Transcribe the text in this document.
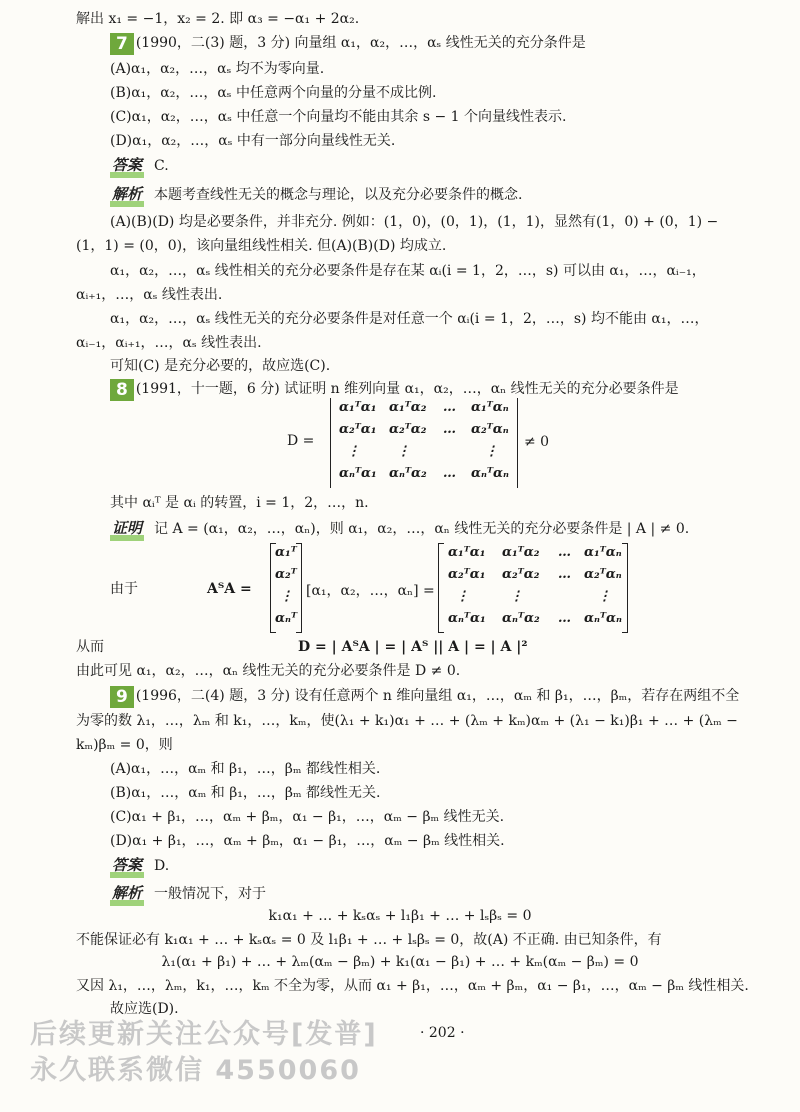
解出 x₁ = −1，x₂ = 2. 即 α₃ = −α₁ + 2α₂.
7 (1990，二(3) 题，3 分) 向量组 α₁，α₂，…，αₛ 线性无关的充分条件是
(A)α₁，α₂，…，αₛ 均不为零向量.
(B)α₁，α₂，…，αₛ 中任意两个向量的分量不成比例.
(C)α₁，α₂，…，αₛ 中任意一个向量均不能由其余 s − 1 个向量线性表示.
(D)α₁，α₂，…，αₛ 中有一部分向量线性无关.
答案 C.
解析 本题考查线性无关的概念与理论，以及充分必要条件的概念.
(A)(B)(D) 均是必要条件，并非充分. 例如：(1，0)，(0，1)，(1，1)，显然有(1，0) + (0，1) −
(1，1) = (0，0)，该向量组线性相关. 但(A)(B)(D) 均成立.
α₁，α₂，…，αₛ 线性相关的充分必要条件是存在某 αᵢ(i = 1，2，…，s) 可以由 α₁，…，αᵢ₋₁，
αᵢ₊₁，…，αₛ 线性表出.
α₁，α₂，…，αₛ 线性无关的充分必要条件是对任意一个 αᵢ(i = 1，2，…，s) 均不能由 α₁，…，
αᵢ₋₁，αᵢ₊₁，…，αₛ 线性表出.
可知(C) 是充分必要的，故应选(C).
8 (1991，十一题，6 分) 试证明 n 维列向量 α₁，α₂，…，αₙ 线性无关的充分必要条件是
D =
α₁ᵀα₁ α₁ᵀα₂ … α₁ᵀαₙ
α₂ᵀα₁ α₂ᵀα₂ … α₂ᵀαₙ
⋮	⋮	⋮
αₙᵀα₁ αₙᵀα₂ … αₙᵀαₙ
≠ 0
其中 αᵢᵀ 是 αᵢ 的转置，i = 1，2，…，n.
证明 记 A = (α₁，α₂，…，αₙ)，则 α₁，α₂，…，αₙ 线性无关的充分必要条件是 | A | ≠ 0.
由于	AᵀA =
α₁ᵀ
α₂ᵀ
⋮
αₙᵀ
[α₁，α₂，…，αₙ] =
α₁ᵀα₁ α₁ᵀα₂ … α₁ᵀαₙ
α₂ᵀα₁ α₂ᵀα₂ … α₂ᵀαₙ
⋮	⋮	⋮
αₙᵀα₁ αₙᵀα₂ … αₙᵀαₙ
从而	D = | AᵀA | = | Aᵀ || A | = | A |²
由此可见 α₁，α₂，…，αₙ 线性无关的充分必要条件是 D ≠ 0.
9 (1996，二(4) 题，3 分) 设有任意两个 n 维向量组 α₁，…，αₘ 和 β₁，…，βₘ，若存在两组不全
为零的数 λ₁，…，λₘ 和 k₁，…，kₘ，使(λ₁ + k₁)α₁ + … + (λₘ + kₘ)αₘ + (λ₁ − k₁)β₁ + … + (λₘ −
kₘ)βₘ = 0，则
(A)α₁，…，αₘ 和 β₁，…，βₘ 都线性相关.
(B)α₁，…，αₘ 和 β₁，…，βₘ 都线性无关.
(C)α₁ + β₁，…，αₘ + βₘ，α₁ − β₁，…，αₘ − βₘ 线性无关.
(D)α₁ + β₁，…，αₘ + βₘ，α₁ − β₁，…，αₘ − βₘ 线性相关.
答案 D.
解析 一般情况下，对于
k₁α₁ + … + kₛαₛ + l₁β₁ + … + lₛβₛ = 0
不能保证必有 k₁α₁ + … + kₛαₛ = 0 及 l₁β₁ + … + lₛβₛ = 0，故(A) 不正确. 由已知条件，有
λ₁(α₁ + β₁) + … + λₘ(αₘ − βₘ) + k₁(α₁ − β₁) + … + kₘ(αₘ − βₘ) = 0
又因 λ₁，…，λₘ，k₁，…，kₘ 不全为零，从而 α₁ + β₁，…，αₘ + βₘ，α₁ − β₁，…，αₘ − βₘ 线性相关.
故应选(D).
后续更新关注公众号[发普]	· 202 ·
永久联系微信 4550060
